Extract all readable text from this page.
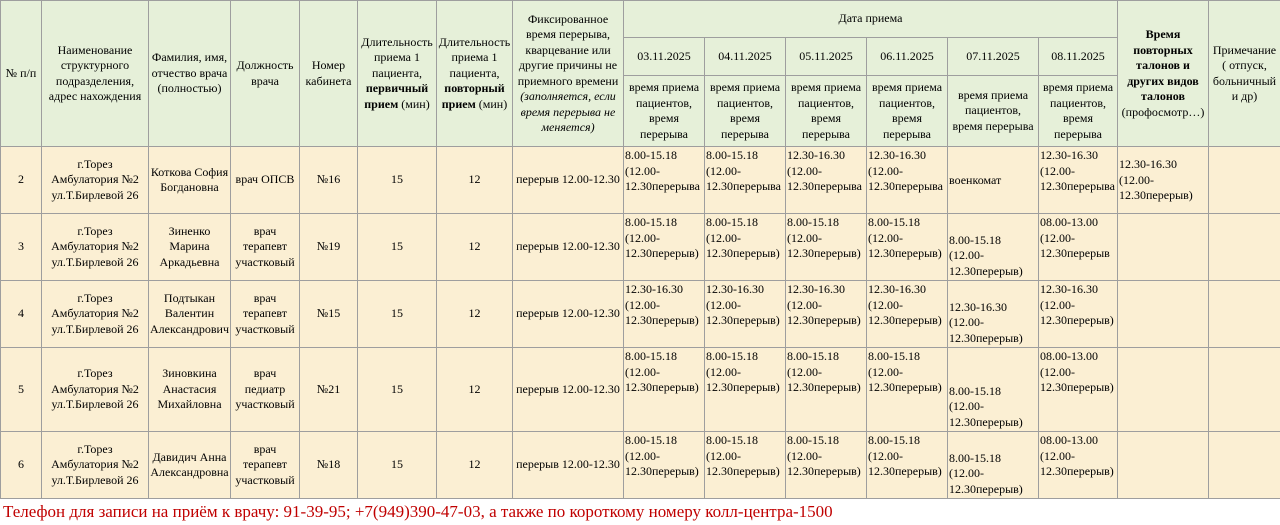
№ п/п	Наименование структурного подразделения, адрес нахождения	Фамилия, имя, отчество врача (полностью)	Должность врача	Номер кабинета	Длительность приема 1 пациента, первичный прием (мин)	Длительность приема 1 пациента, повторный прием (мин)	Фиксированное время перерыва, кварцевание или другие причины не приемного времени (заполняется, если время перерыва не меняется)	Дата приема						Время повторных талонов и других видов талонов (профосмотр…)	Примечание ( отпуск, больничный и др)
								03.11.2025	04.11.2025	05.11.2025	06.11.2025	07.11.2025	08.11.2025		
								время приема пациентов, время перерыва	время приема пациентов, время перерыва	время приема пациентов, время перерыва	время приема пациентов, время перерыва	время приема пациентов, время перерыва	время приема пациентов, время перерыва		
2	г.Торез Амбулатория №2 ул.Т.Бирлевой 26	Коткова София Богдановна	врач ОПСВ	№16	15	12	перерыв 12.00-12.30	8.00-15.18 (12.00-12.30перерыва	8.00-15.18 (12.00-12.30перерыва	12.30-16.30 (12.00-12.30перерыва	12.30-16.30 (12.00-12.30перерыва	военкомат	12.30-16.30 (12.00-12.30перерыва	12.30-16.30 (12.00-12.30перерыв)	
3	г.Торез Амбулатория №2 ул.Т.Бирлевой 26	Зиненко Марина Аркадьевна	врач терапевт участковый	№19	15	12	перерыв 12.00-12.30	8.00-15.18 (12.00-12.30перерыв)	8.00-15.18 (12.00-12.30перерыв)	8.00-15.18 (12.00-12.30перерыв)	8.00-15.18 (12.00-12.30перерыв)	8.00-15.18 (12.00-12.30перерыв)	08.00-13.00 (12.00-12.30перерыв		
4	г.Торез Амбулатория №2 ул.Т.Бирлевой 26	Подтыкан Валентин Александрович	врач терапевт участковый	№15	15	12	перерыв 12.00-12.30	12.30-16.30 (12.00-12.30перерыв)	12.30-16.30 (12.00-12.30перерыв)	12.30-16.30 (12.00-12.30перерыв)	12.30-16.30 (12.00-12.30перерыв)	12.30-16.30 (12.00-12.30перерыв)	12.30-16.30 (12.00-12.30перерыв)		
5	г.Торез Амбулатория №2 ул.Т.Бирлевой 26	Зиновкина Анастасия Михайловна	врач педиатр участковый	№21	15	12	перерыв 12.00-12.30	8.00-15.18 (12.00-12.30перерыв)	8.00-15.18 (12.00-12.30перерыв)	8.00-15.18 (12.00-12.30перерыв)	8.00-15.18 (12.00-12.30перерыв)	8.00-15.18 (12.00-12.30перерыв)	08.00-13.00 (12.00-12.30перерыв)		
6	г.Торез Амбулатория №2 ул.Т.Бирлевой 26	Давидич Анна Александровна	врач терапевт участковый	№18	15	12	перерыв 12.00-12.30	8.00-15.18 (12.00-12.30перерыв)	8.00-15.18 (12.00-12.30перерыв)	8.00-15.18 (12.00-12.30перерыв)	8.00-15.18 (12.00-12.30перерыв)	8.00-15.18 (12.00-12.30перерыв)	08.00-13.00 (12.00-12.30перерыв)		
Телефон для записи на приём к врачу: 91-39-95; +7(949)390-47-03, а также по короткому номеру колл-центра-1500
